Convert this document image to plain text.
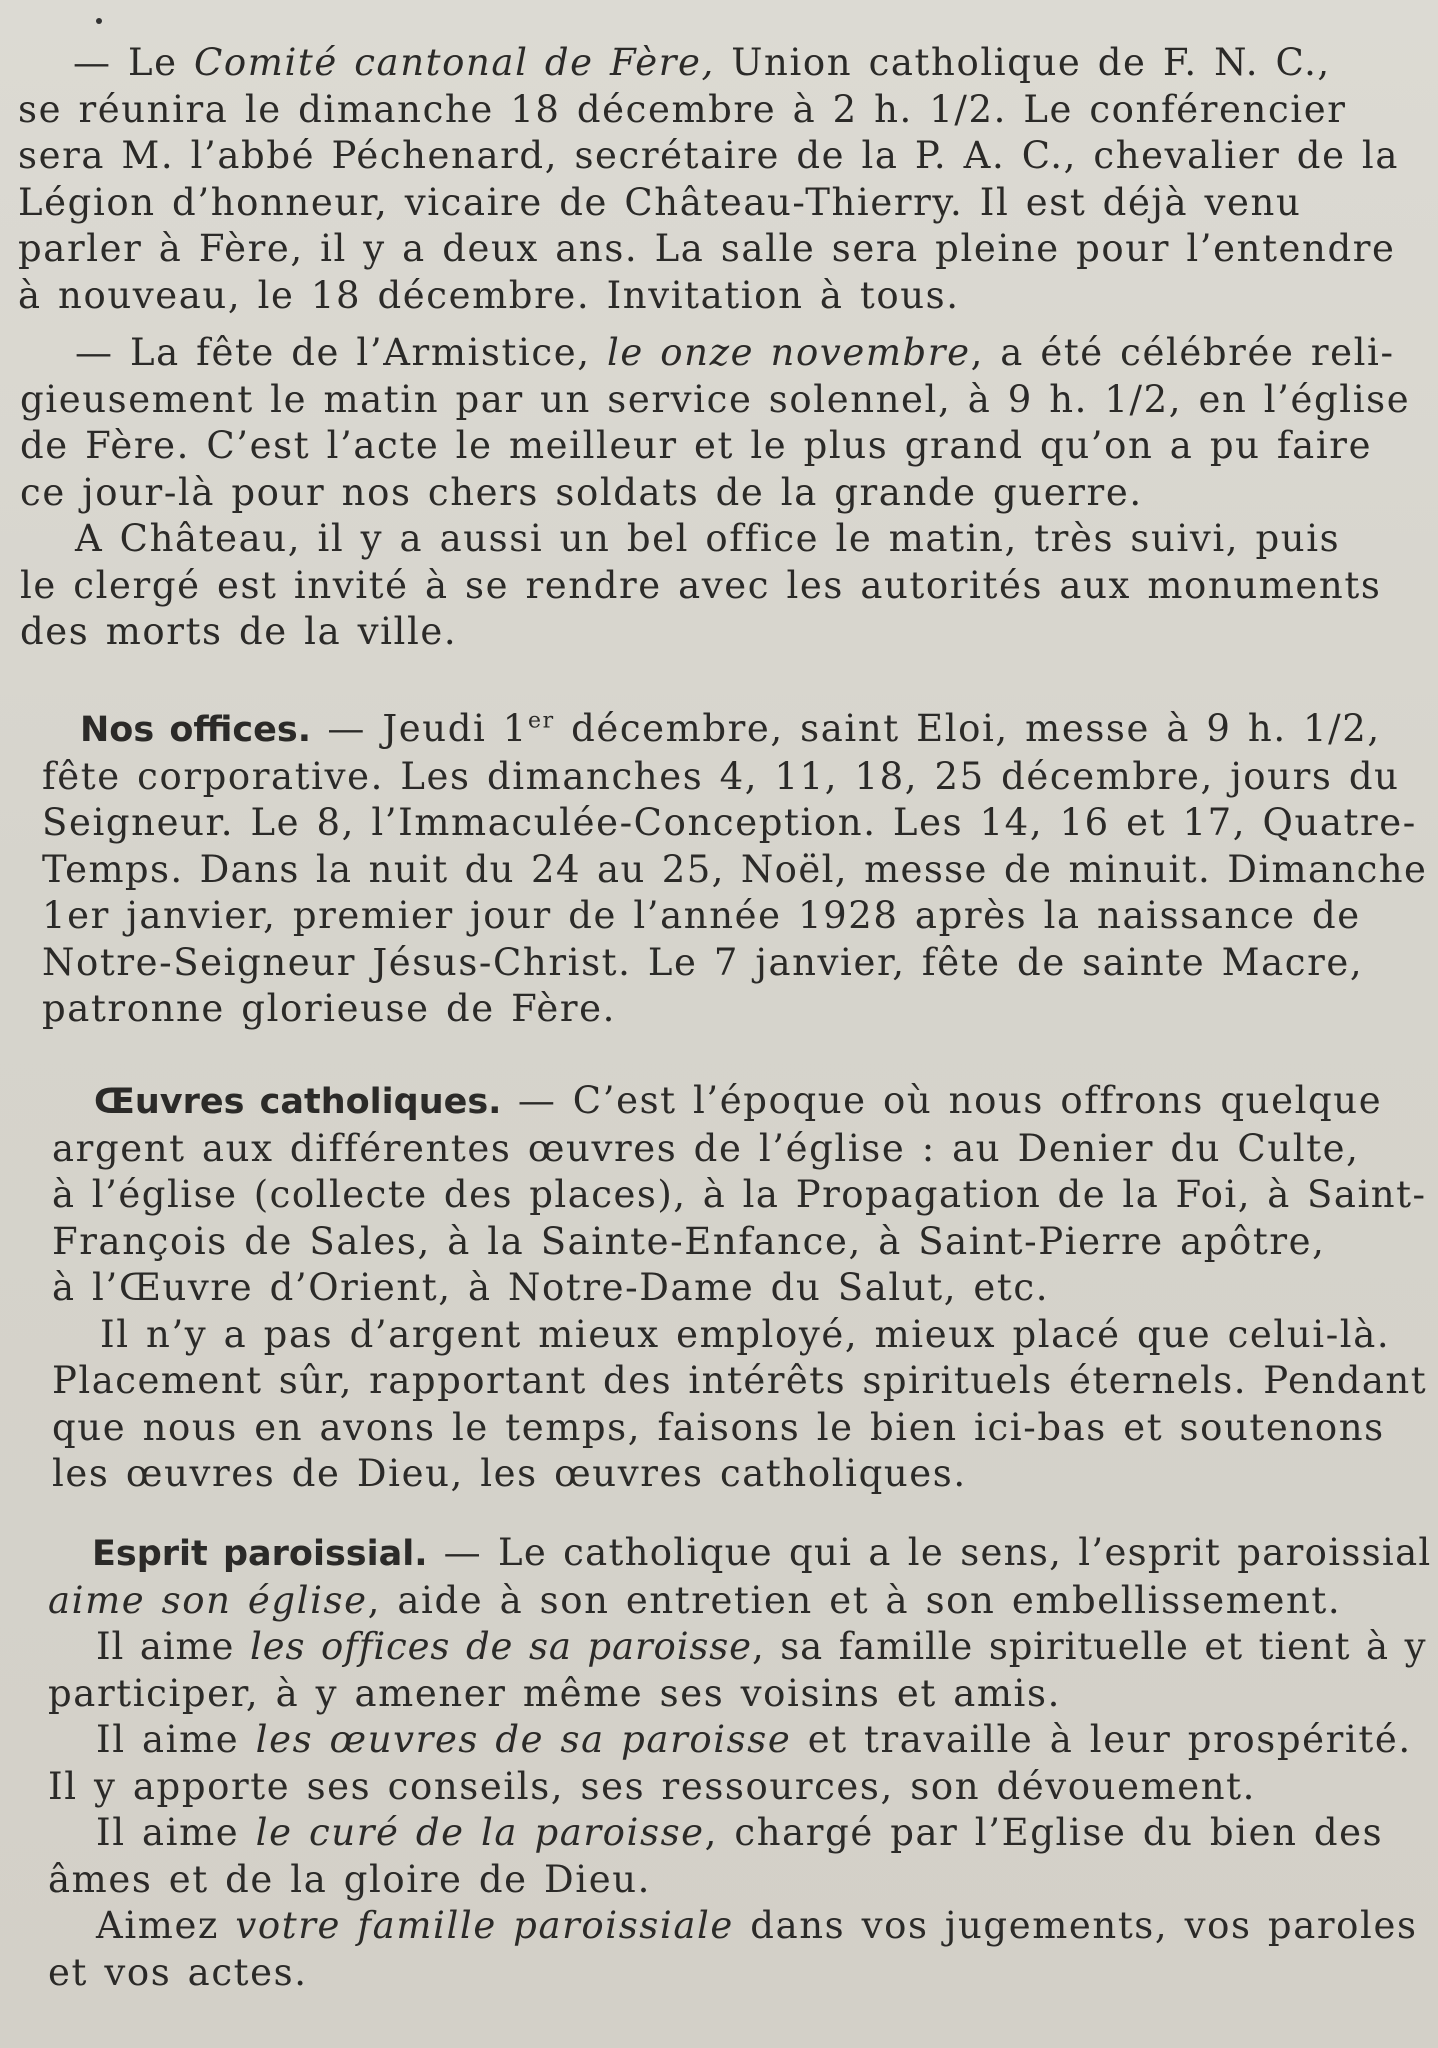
— Le Comité cantonal de Fère, Union catholique de F. N. C.,
se réunira le dimanche 18 décembre à 2 h. 1/2. Le conférencier
sera M. l’abbé Péchenard, secrétaire de la P. A. C., chevalier de la
Légion d’honneur, vicaire de Château-Thierry. Il est déjà venu
parler à Fère, il y a deux ans. La salle sera pleine pour l’entendre
à nouveau, le 18 décembre. Invitation à tous.

— La fête de l’Armistice, le onze novembre, a été célébrée reli-
gieusement le matin par un service solennel, à 9 h. 1/2, en l’église
de Fère. C’est l’acte le meilleur et le plus grand qu’on a pu faire
ce jour-là pour nos chers soldats de la grande guerre.
A Château, il y a aussi un bel office le matin, très suivi, puis
le clergé est invité à se rendre avec les autorités aux monuments
des morts de la ville.

Nos offices. — Jeudi 1er décembre, saint Eloi, messe à 9 h. 1/2,
fête corporative. Les dimanches 4, 11, 18, 25 décembre, jours du
Seigneur. Le 8, l’Immaculée-Conception. Les 14, 16 et 17, Quatre-
Temps. Dans la nuit du 24 au 25, Noël, messe de minuit. Dimanche
1er janvier, premier jour de l’année 1928 après la naissance de
Notre-Seigneur Jésus-Christ. Le 7 janvier, fête de sainte Macre,
patronne glorieuse de Fère.

Œuvres catholiques. — C’est l’époque où nous offrons quelque
argent aux différentes œuvres de l’église : au Denier du Culte,
à l’église (collecte des places), à la Propagation de la Foi, à Saint-
François de Sales, à la Sainte-Enfance, à Saint-Pierre apôtre,
à l’Œuvre d’Orient, à Notre-Dame du Salut, etc.
Il n’y a pas d’argent mieux employé, mieux placé que celui-là.
Placement sûr, rapportant des intérêts spirituels éternels. Pendant
que nous en avons le temps, faisons le bien ici-bas et soutenons
les œuvres de Dieu, les œuvres catholiques.

Esprit paroissial. — Le catholique qui a le sens, l’esprit paroissial
aime son église, aide à son entretien et à son embellissement.
Il aime les offices de sa paroisse, sa famille spirituelle et tient à y
participer, à y amener même ses voisins et amis.
Il aime les œuvres de sa paroisse et travaille à leur prospérité.
Il y apporte ses conseils, ses ressources, son dévouement.
Il aime le curé de la paroisse, chargé par l’Eglise du bien des
âmes et de la gloire de Dieu.
Aimez votre famille paroissiale dans vos jugements, vos paroles
et vos actes.
